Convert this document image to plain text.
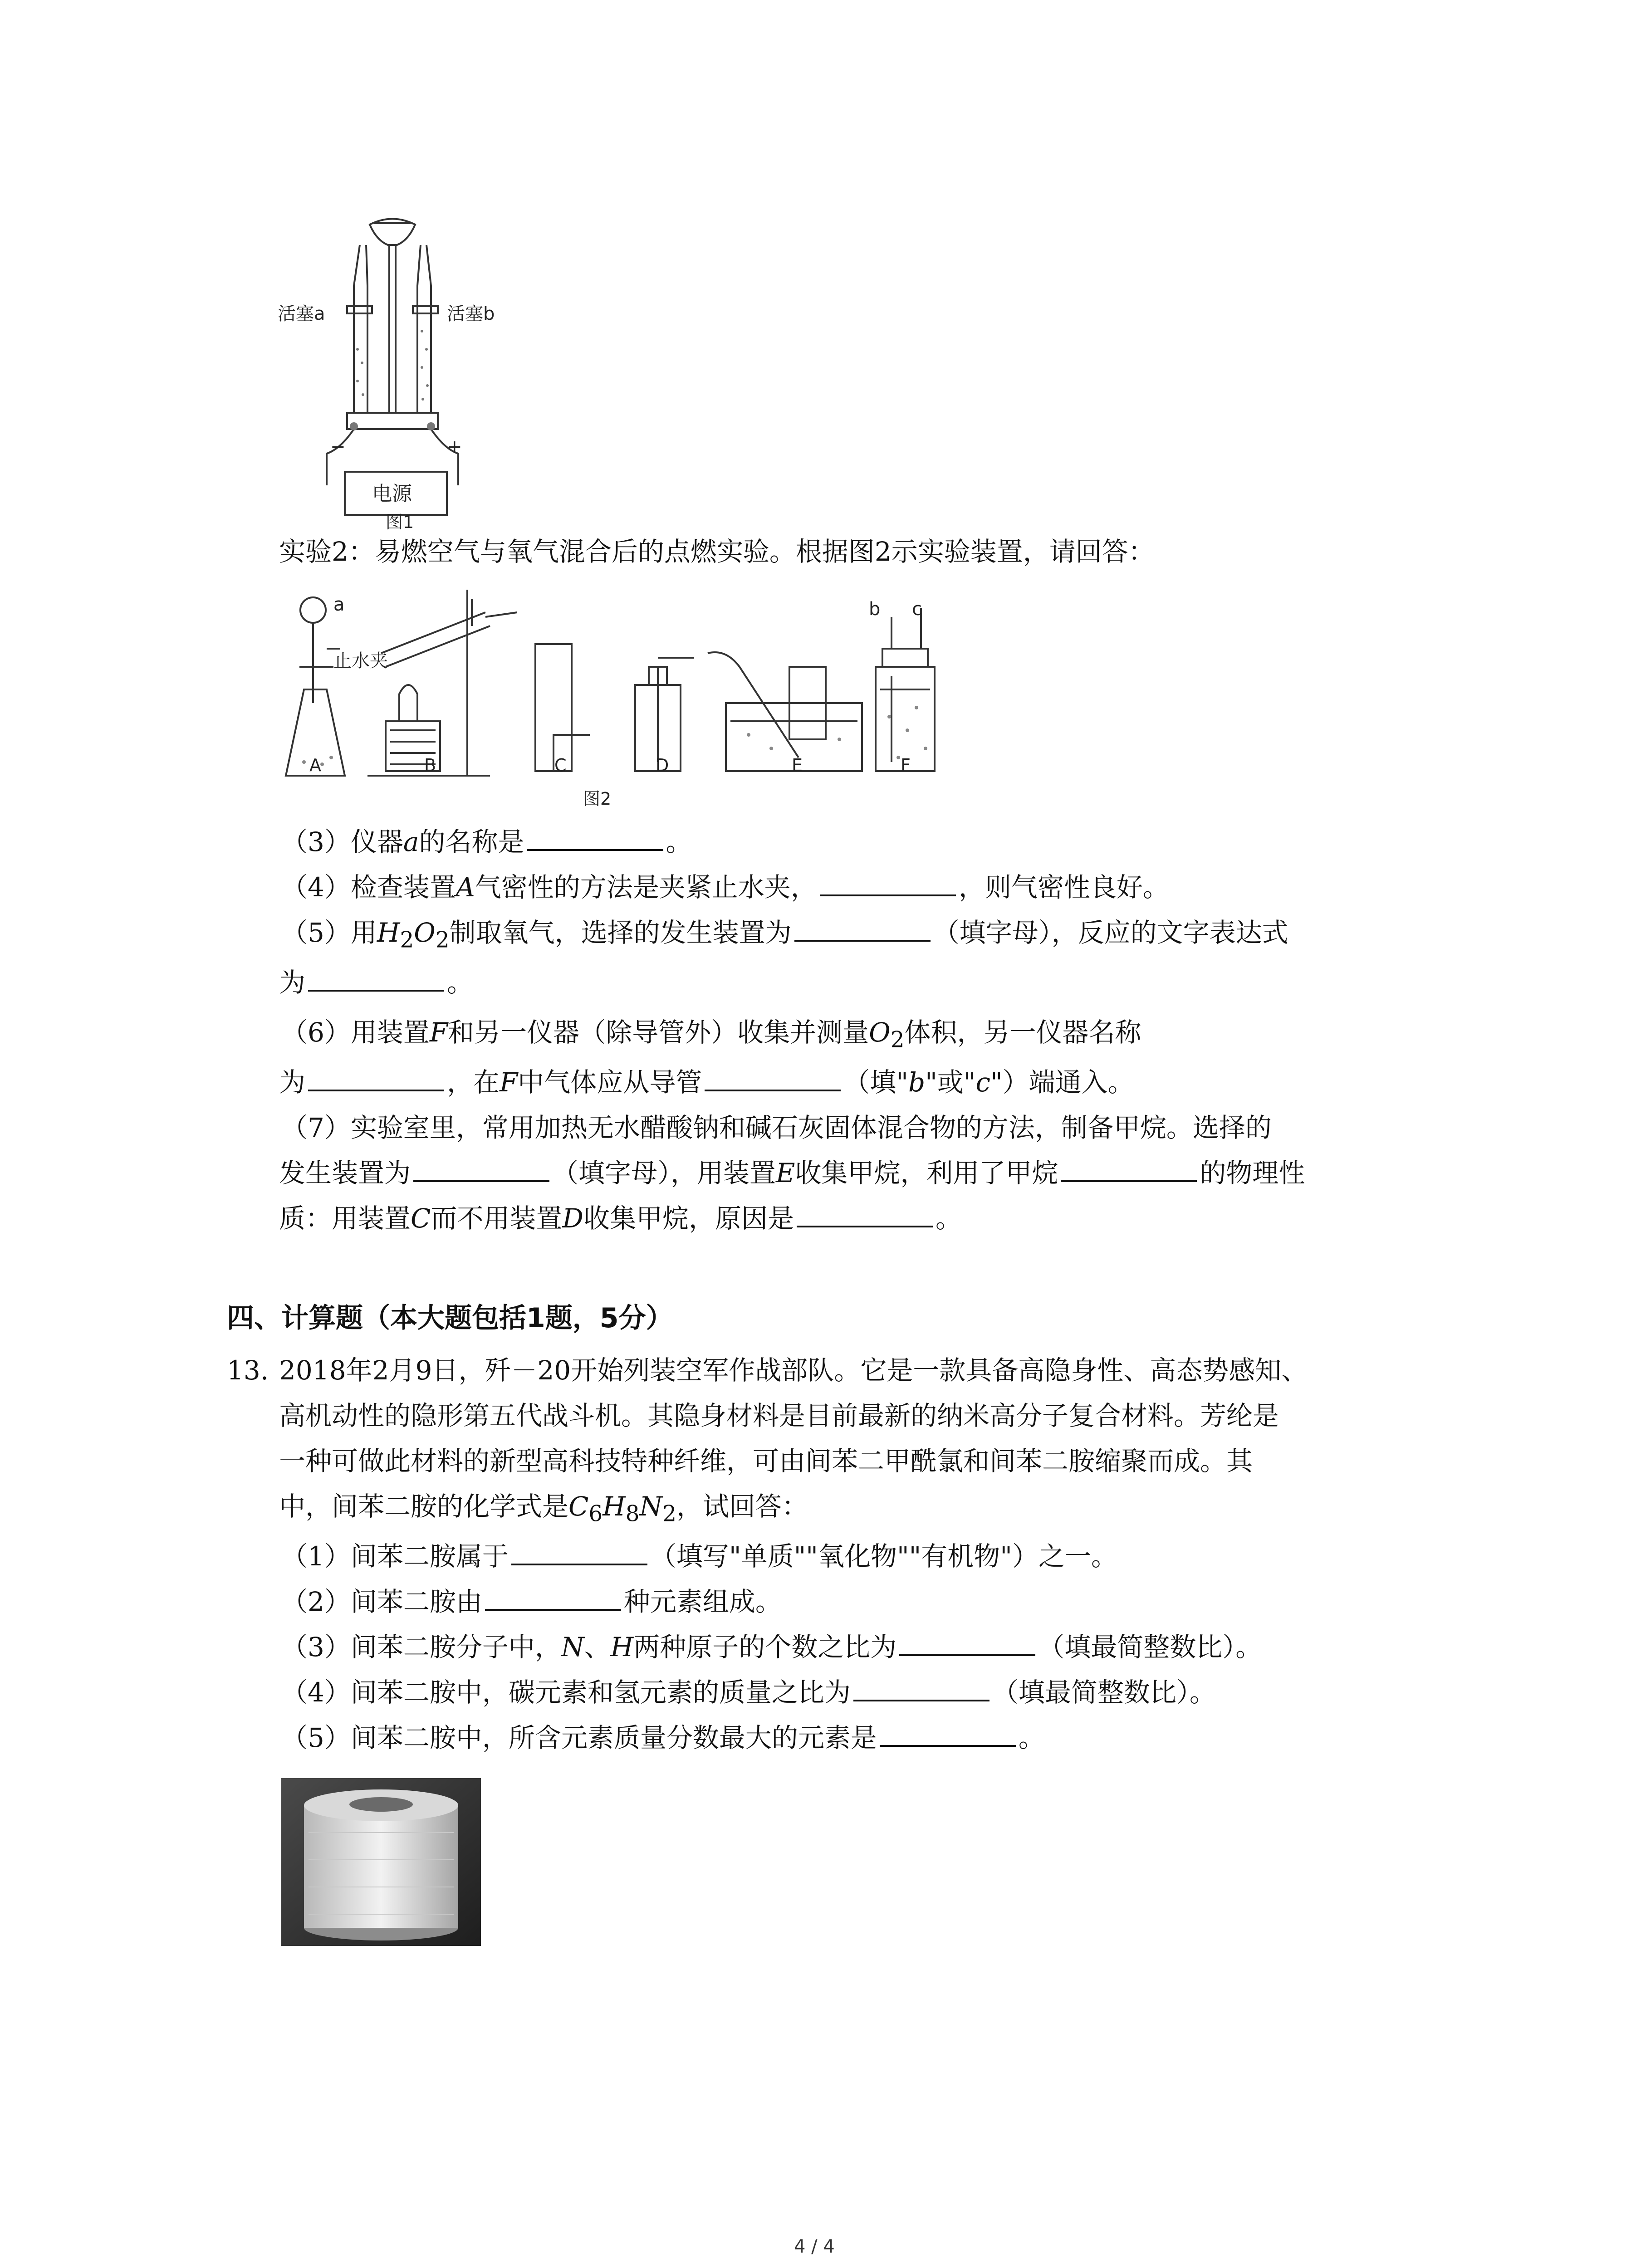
活塞a	活塞b
−	+
电源
图1
实验2：易燃空气与氧气混合后的点燃实验。根据图2示实验装置，请回答：
a
止水夹
b c
A	B	C	D	E	F
图2
（3）仪器a的名称是	。
（4）检查装置A气密性的方法是夹紧止水夹，	，则气密性良好。
（5）用$H_2O_2$制取氧气，选择的发生装置为	（填字母），反应的文字表达式
为	。
（6）用装置F和另一仪器（除导管外）收集并测量$O_2$体积，另一仪器名称
为	，在F中气体应从导管	（填"b"或"c"）端通入。
（7）实验室里，常用加热无水醋酸钠和碱石灰固体混合物的方法，制备甲烷。选择的
发生装置为	（填字母），用装置E收集甲烷，利用了甲烷	的物理性
质：用装置C而不用装置D收集甲烷，原因是	。
四、计算题（本大题包括1题，5分）
13. 2018年2月9日，歼－20开始列装空军作战部队。它是一款具备高隐身性、高态势感知、
高机动性的隐形第五代战斗机。其隐身材料是目前最新的纳米高分子复合材料。芳纶是
一种可做此材料的新型高科技特种纤维，可由间苯二甲酰氯和间苯二胺缩聚而成。其
中，间苯二胺的化学式是$C_6H_8N_2$，试回答：
（1）间苯二胺属于	（填写"单质""氧化物""有机物"）之一。
（2）间苯二胺由	种元素组成。
（3）间苯二胺分子中，N、H两种原子的个数之比为	（填最简整数比）。
（4）间苯二胺中，碳元素和氢元素的质量之比为	（填最简整数比）。
（5）间苯二胺中，所含元素质量分数最大的元素是	。
4 / 4
